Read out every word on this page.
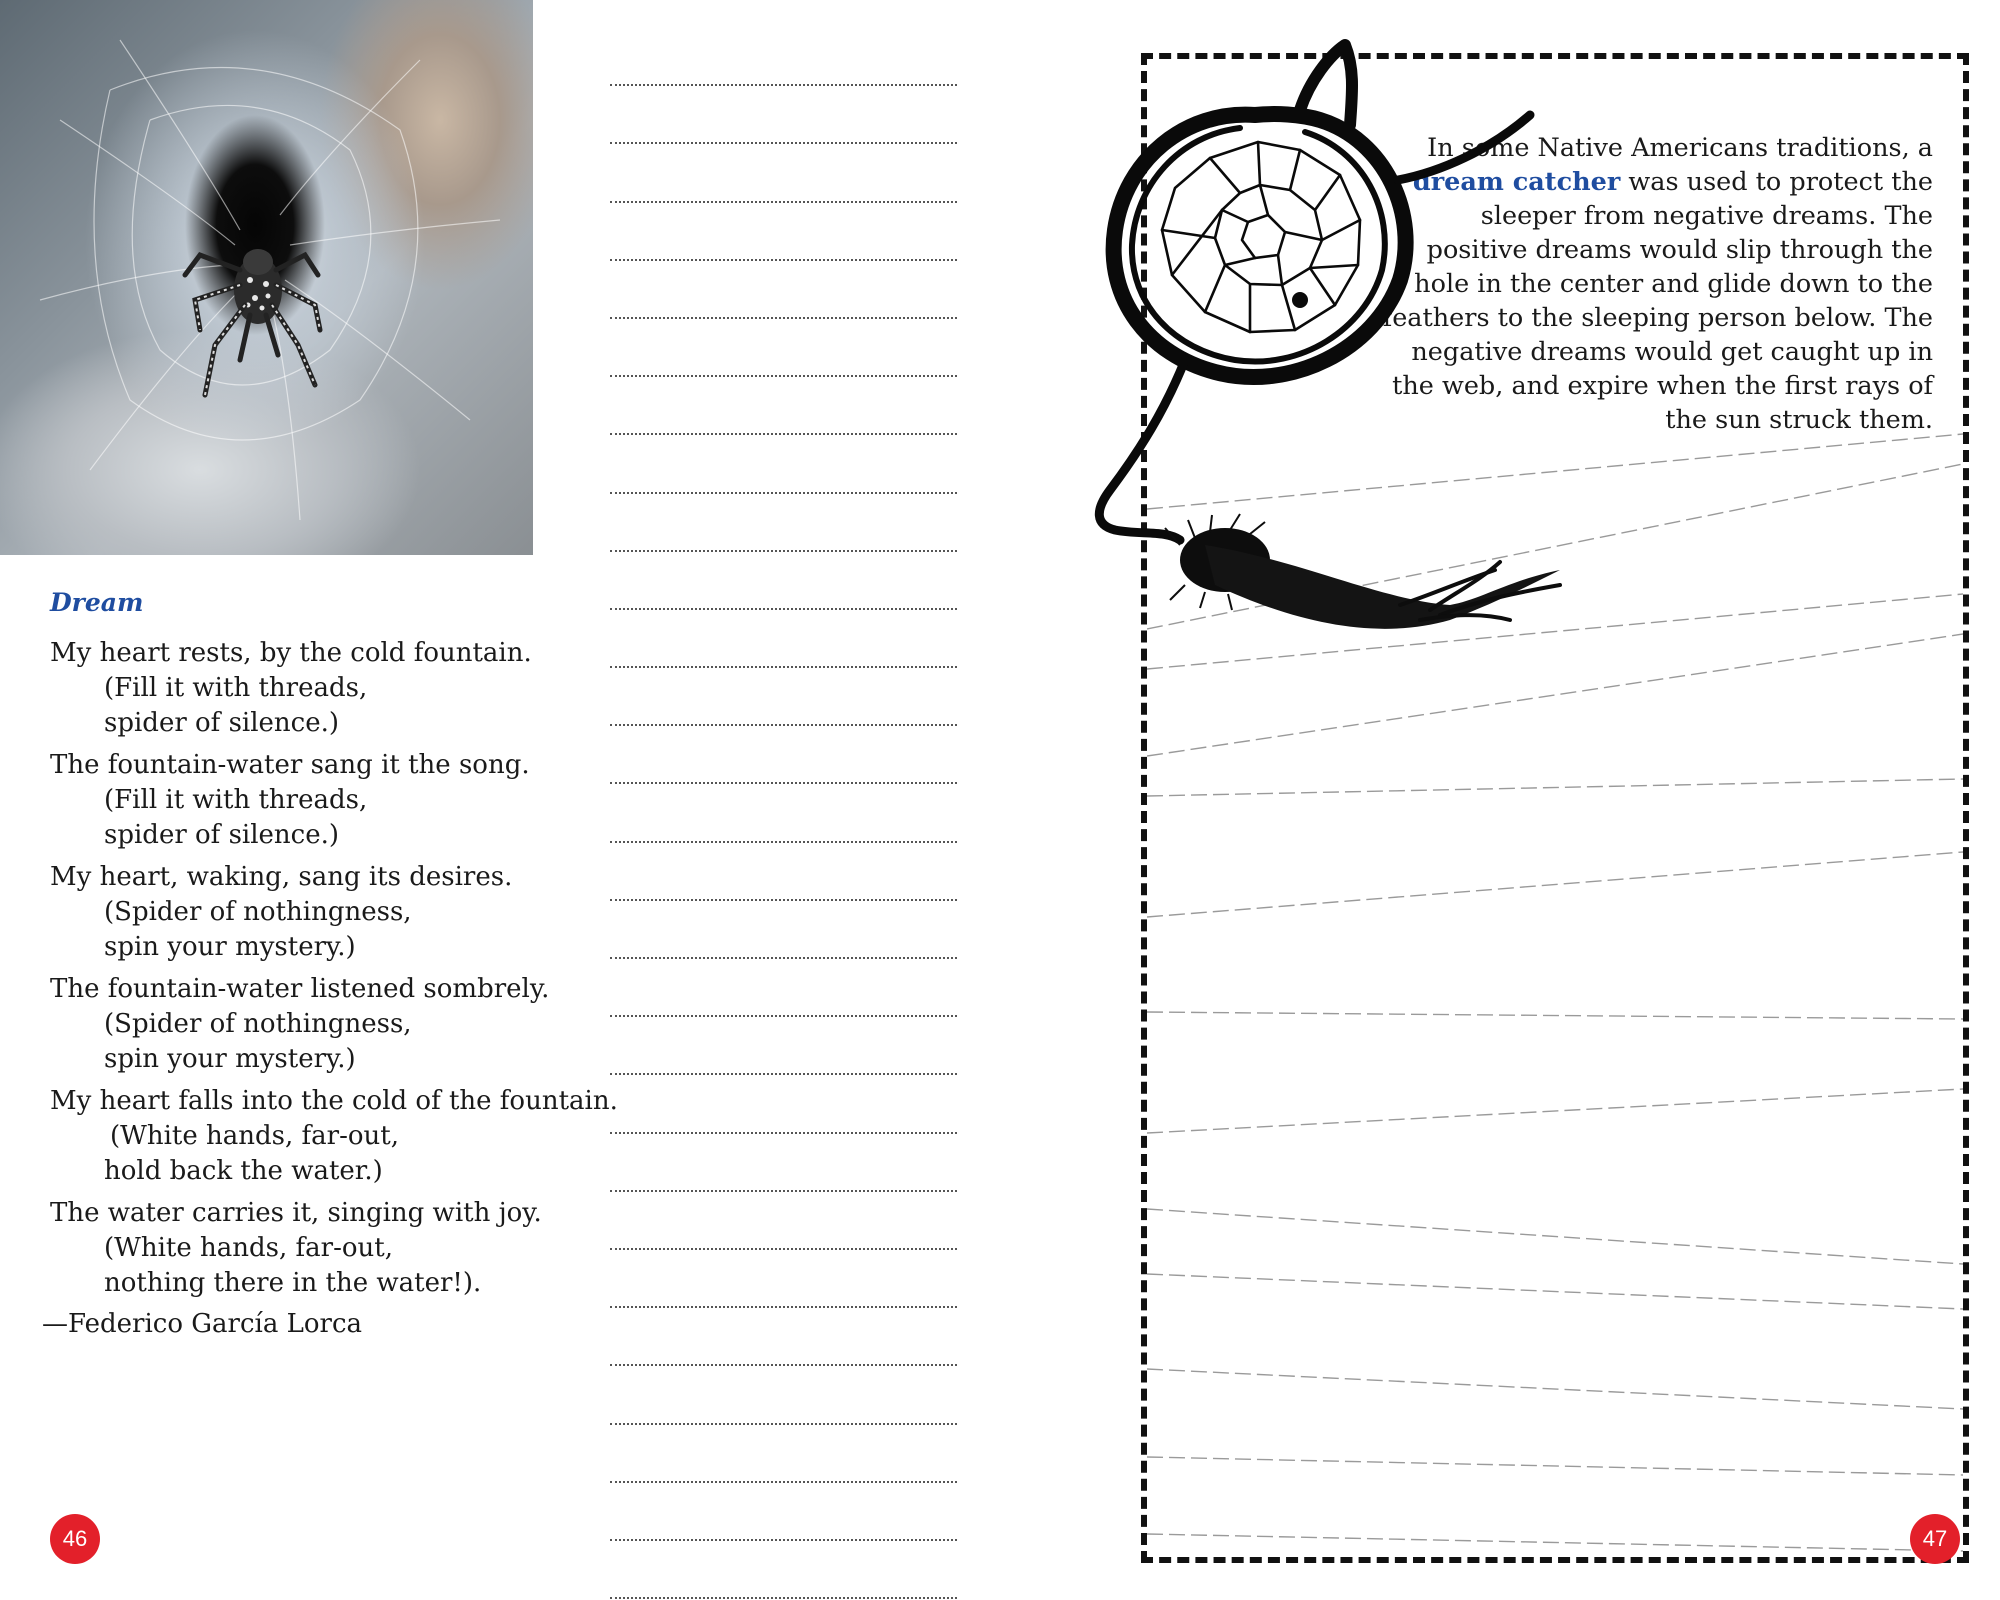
Dream
My heart rests, by the cold fountain.
(Fill it with threads,
spider of silence.)
The fountain-water sang it the song.
(Fill it with threads,
spider of silence.)
My heart, waking, sang its desires.
(Spider of nothingness,
spin your mystery.)
The fountain-water listened sombrely.
(Spider of nothingness,
spin your mystery.)
My heart falls into the cold of the fountain.
(White hands, far-out,
hold back the water.)
The water carries it, singing with joy.
(White hands, far-out,
nothing there in the water!).
—Federico García Lorca
46
In some Native Americans traditions, a dream catcher was used to protect the sleeper from negative dreams. The positive dreams would slip through the hole in the center and glide down to the feathers to the sleeping person below. The negative dreams would get caught up in the web, and expire when the first rays of the sun struck them.
47
